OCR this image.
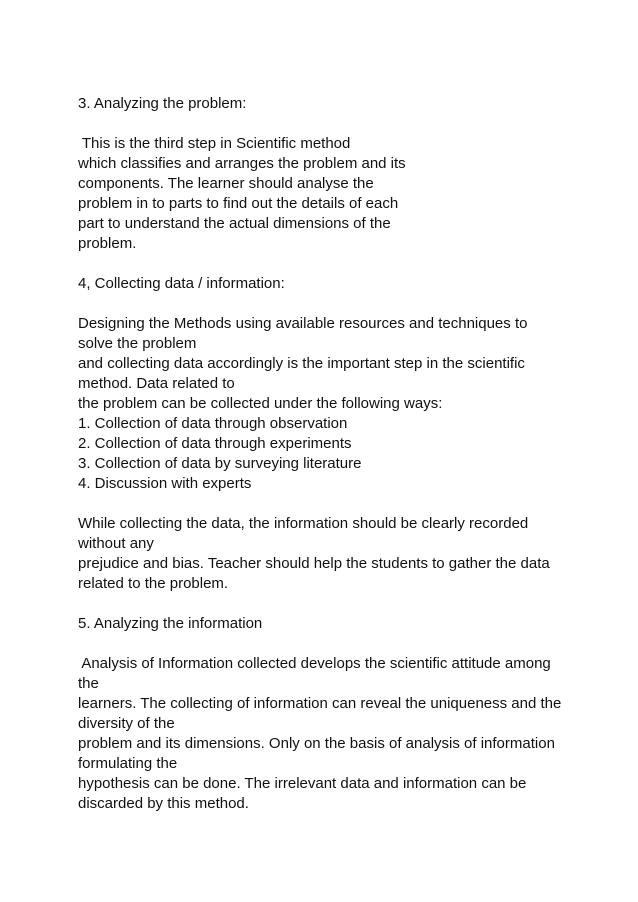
3. Analyzing the problem:
This is the third step in Scientific method
which classifies and arranges the problem and its
components. The learner should analyse the
problem in to parts to find out the details of each
part to understand the actual dimensions of the
problem.
4, Collecting data / information:
Designing the Methods using available resources and techniques to
solve the problem
and collecting data accordingly is the important step in the scientific
method. Data related to
the problem can be collected under the following ways:
1. Collection of data through observation
2. Collection of data through experiments
3. Collection of data by surveying literature
4. Discussion with experts
While collecting the data, the information should be clearly recorded
without any
prejudice and bias. Teacher should help the students to gather the data
related to the problem.
5. Analyzing the information
Analysis of Information collected develops the scientific attitude among
the
learners. The collecting of information can reveal the uniqueness and the
diversity of the
problem and its dimensions. Only on the basis of analysis of information
formulating the
hypothesis can be done. The irrelevant data and information can be
discarded by this method.
